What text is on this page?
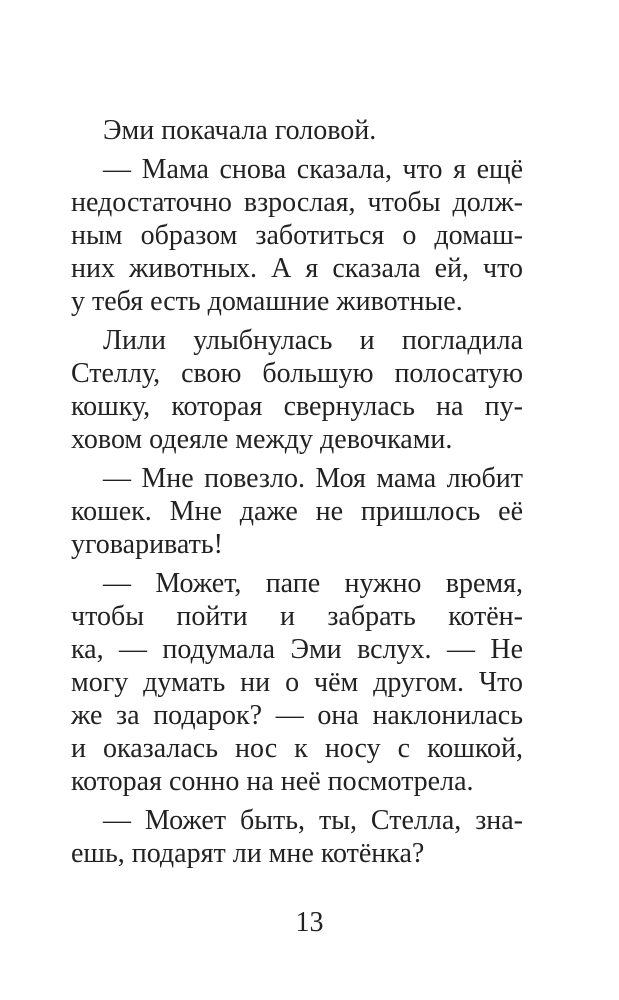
Эми покачала головой.
— Мама снова сказала, что я ещё
недостаточно взрослая, чтобы долж-
ным образом заботиться о домаш-
них животных. А я сказала ей, что
у тебя есть домашние животные.
Лили улыбнулась и погладила
Стеллу, свою большую полосатую
кошку, которая свернулась на пу-
ховом одеяле между девочками.
— Мне повезло. Моя мама любит
кошек. Мне даже не пришлось её
уговаривать!
— Может, папе нужно время,
чтобы пойти и забрать котён-
ка, — подумала Эми вслух. — Не
могу думать ни о чём другом. Что
же за подарок? — она наклонилась
и оказалась нос к носу с кошкой,
которая сонно на неё посмотрела.
— Может быть, ты, Стелла, зна-
ешь, подарят ли мне котёнка?
13
